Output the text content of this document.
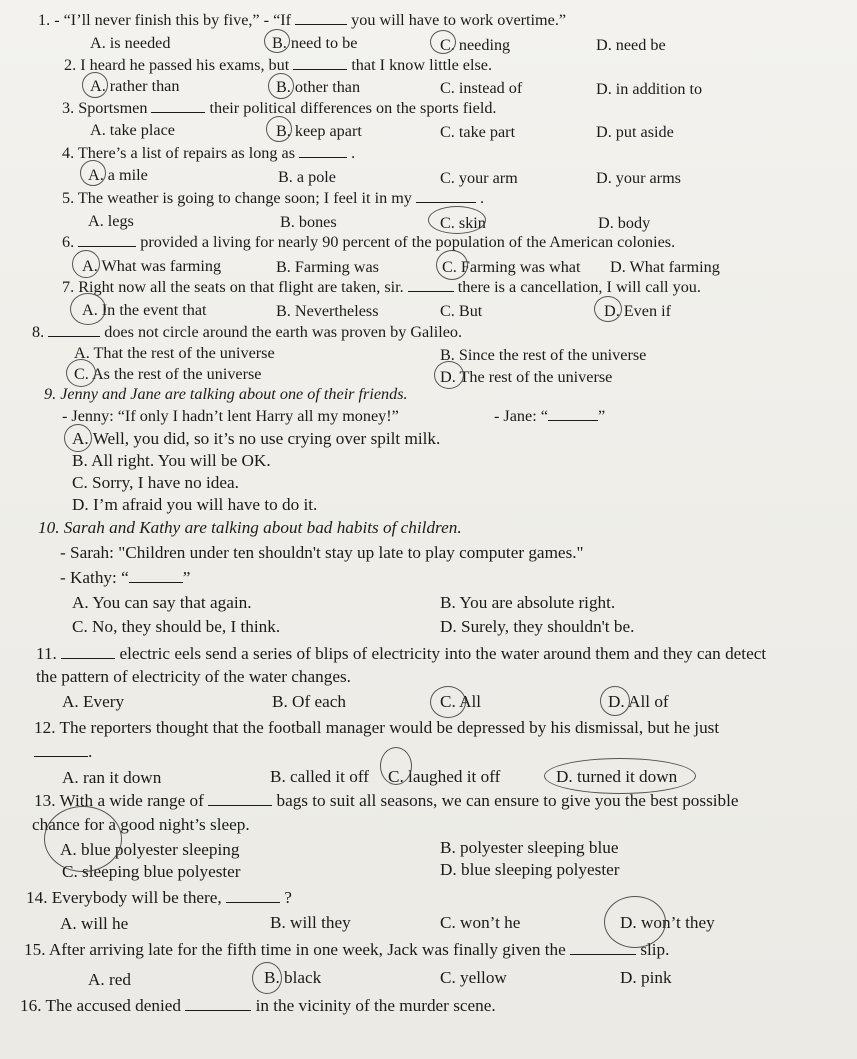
1. - “I’ll never finish this by five,” - “If	you will have to work overtime.”
A. is needed	B. need to be	C. needing	D. need be
2. I heard he passed his exams, but	that I know little else.
A. rather than	B. other than	C. instead of	D. in addition to
3. Sportsmen	their political differences on the sports field.
A. take place	B. keep apart	C. take part	D. put aside
4. There’s a list of repairs as long as	.
A. a mile	B. a pole	C. your arm	D. your arms
5. The weather is going to change soon; I feel it in my	.
A. legs	B. bones	C. skin	D. body
6.	provided a living for nearly 90 percent of the population of the American colonies.
A. What was farming	B. Farming was	C. Farming was what D. What farming
7. Right now all the seats on that flight are taken, sir.	there is a cancellation, I will call you.
A. In the event that	B. Nevertheless	C. But	D. Even if
8.	does not circle around the earth was proven by Galileo.
A. That the rest of the universe	B. Since the rest of the universe
C. As the rest of the universe	D. The rest of the universe
9. Jenny and Jane are talking about one of their friends.
- Jenny: “If only I hadn’t lent Harry all my money!”	- Jane: “	”
A. Well, you did, so it’s no use crying over spilt milk.
B. All right. You will be OK.
C. Sorry, I have no idea.
D. I’m afraid you will have to do it.
10. Sarah and Kathy are talking about bad habits of children.
- Sarah: "Children under ten shouldn't stay up late to play computer games."
- Kathy: “	”
A. You can say that again.	B. You are absolute right.
C. No, they should be, I think.	D. Surely, they shouldn't be.
11.	electric eels send a series of blips of electricity into the water around them and they can detect
the pattern of electricity of the water changes.
A. Every	B. Of each	C. All	D. All of
12. The reporters thought that the football manager would be depressed by his dismissal, but he just
.
A. ran it down	B. called it off C. laughed it off	D. turned it down
13. With a wide range of	bags to suit all seasons, we can ensure to give you the best possible
chance for a good night’s sleep.
A. blue polyester sleeping	B. polyester sleeping blue
C. sleeping blue polyester	D. blue sleeping polyester
14. Everybody will be there,	?
A. will he	B. will they	C. won’t he	D. won’t they
15. After arriving late for the fifth time in one week, Jack was finally given the	slip.
A. red	B. black	C. yellow	D. pink
16. The accused denied	in the vicinity of the murder scene.
